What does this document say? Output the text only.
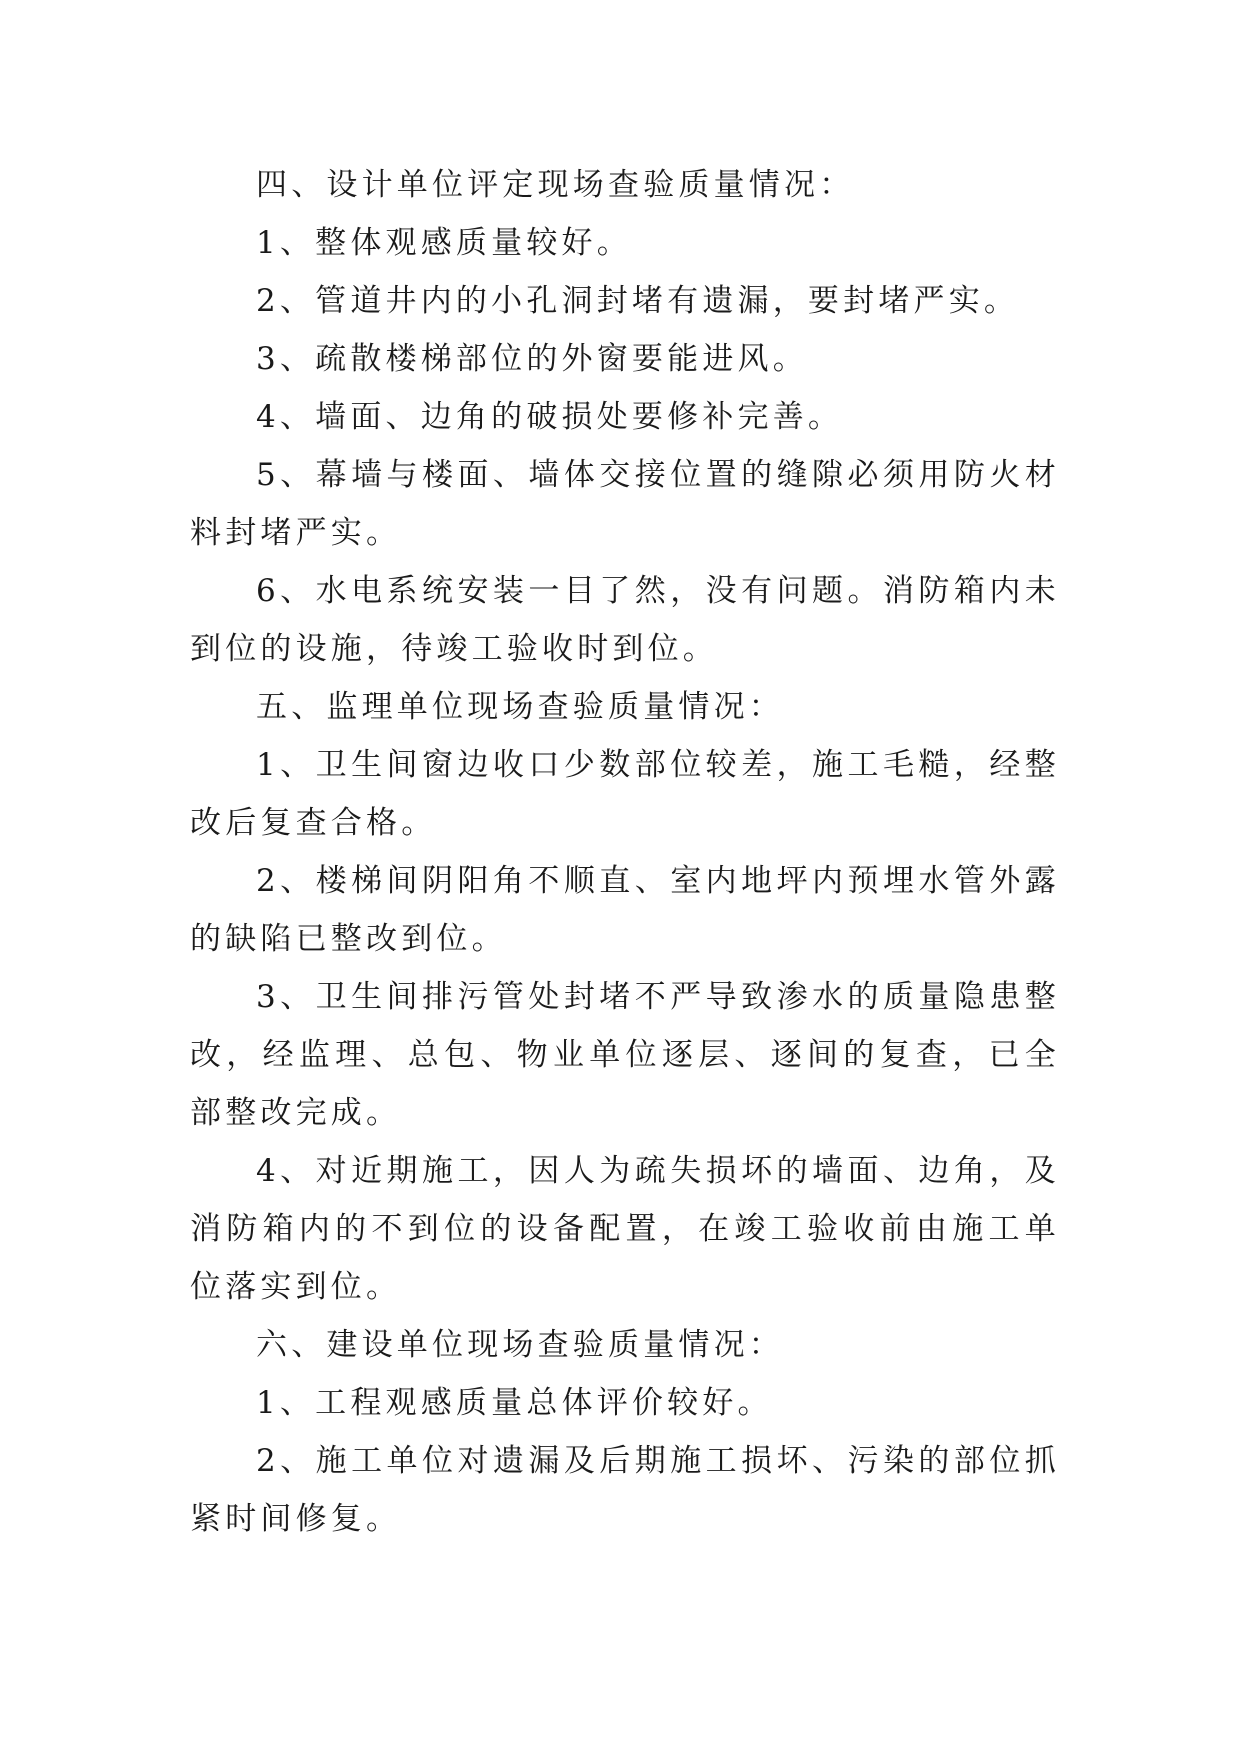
四、设计单位评定现场查验质量情况：

1、整体观感质量较好。

2、管道井内的小孔洞封堵有遗漏，要封堵严实。

3、疏散楼梯部位的外窗要能进风。

4、墙面、边角的破损处要修补完善。

5、幕墙与楼面、墙体交接位置的缝隙必须用防火材料封堵严实。

6、水电系统安装一目了然，没有问题。消防箱内未到位的设施，待竣工验收时到位。

五、监理单位现场查验质量情况：

1、卫生间窗边收口少数部位较差，施工毛糙，经整改后复查合格。

2、楼梯间阴阳角不顺直、室内地坪内预埋水管外露的缺陷已整改到位。

3、卫生间排污管处封堵不严导致渗水的质量隐患整改，经监理、总包、物业单位逐层、逐间的复查，已全部整改完成。

4、对近期施工，因人为疏失损坏的墙面、边角，及消防箱内的不到位的设备配置，在竣工验收前由施工单位落实到位。

六、建设单位现场查验质量情况：

1、工程观感质量总体评价较好。

2、施工单位对遗漏及后期施工损坏、污染的部位抓紧时间修复。
